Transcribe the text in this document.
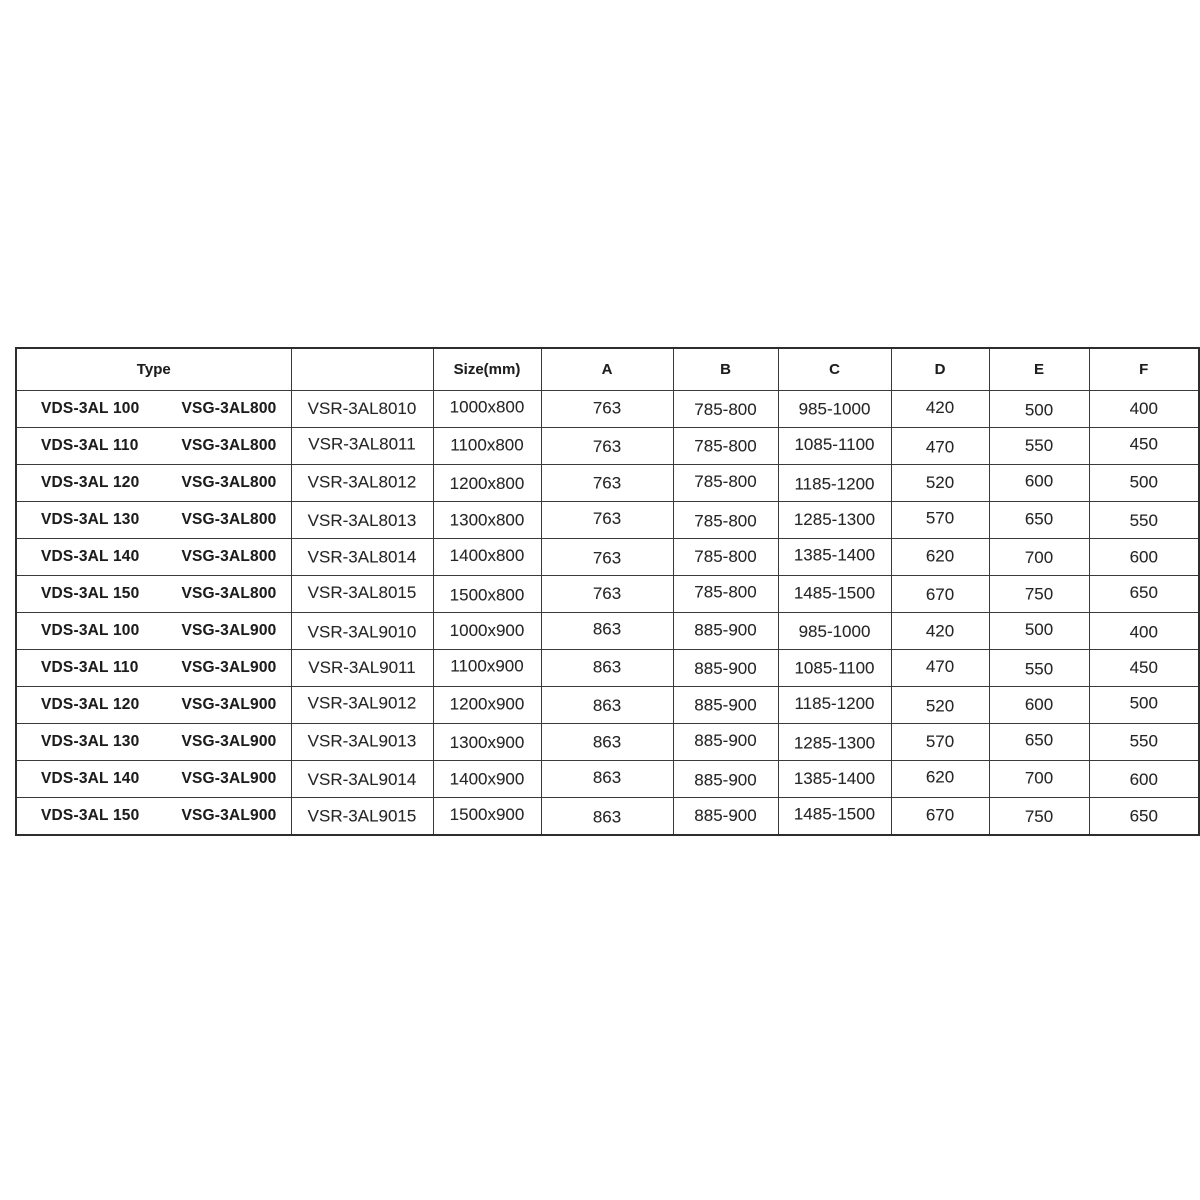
Type		Size(mm)	A	B	C	D	E	F

VDS-3AL 100 VSG-3AL800	VSR-3AL8010	1000x800	763	785-800	985-1000	420	500	400

VDS-3AL 110 VSG-3AL800	VSR-3AL8011	1100x800	763	785-800	1085-1100	470	550	450

VDS-3AL 120 VSG-3AL800	VSR-3AL8012	1200x800	763	785-800	1185-1200	520	600	500

VDS-3AL 130 VSG-3AL800	VSR-3AL8013	1300x800	763	785-800	1285-1300	570	650	550

VDS-3AL 140 VSG-3AL800	VSR-3AL8014	1400x800	763	785-800	1385-1400	620	700	600

VDS-3AL 150 VSG-3AL800	VSR-3AL8015	1500x800	763	785-800	1485-1500	670	750	650

VDS-3AL 100 VSG-3AL900	VSR-3AL9010	1000x900	863	885-900	985-1000	420	500	400

VDS-3AL 110 VSG-3AL900	VSR-3AL9011	1100x900	863	885-900	1085-1100	470	550	450

VDS-3AL 120 VSG-3AL900	VSR-3AL9012	1200x900	863	885-900	1185-1200	520	600	500

VDS-3AL 130 VSG-3AL900	VSR-3AL9013	1300x900	863	885-900	1285-1300	570	650	550

VDS-3AL 140 VSG-3AL900	VSR-3AL9014	1400x900	863	885-900	1385-1400	620	700	600

VDS-3AL 150 VSG-3AL900	VSR-3AL9015	1500x900	863	885-900	1485-1500	670	750	650
